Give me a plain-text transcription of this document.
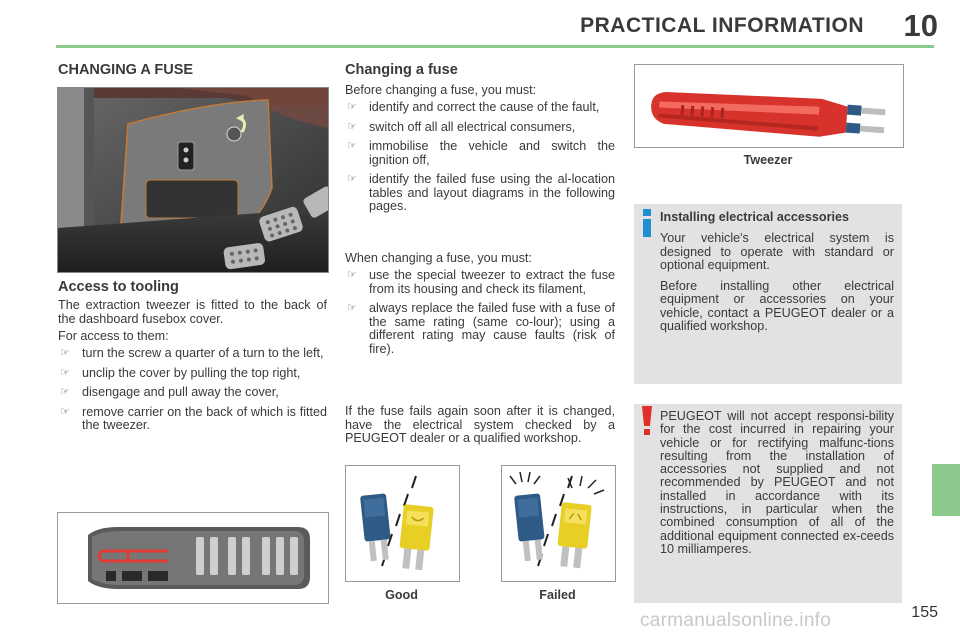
PRACTICAL INFORMATION 10
CHANGING A FUSE
Access to tooling

The extraction tweezer is fitted to the back of the dashboard fusebox cover.

For access to them:

☞ turn the screw a quarter of a turn to the left,
☞ unclip the cover by pulling the top right,
☞ disengage and pull away the cover,
☞ remove carrier on the back of which is fitted the tweezer.
Changing a fuse

Before changing a fuse, you must:

☞ identify and correct the cause of the fault,
☞ switch off all all electrical consumers,
☞ immobilise the vehicle and switch the ignition off,
☞ identify the failed fuse using the al-location tables and layout diagrams in the following pages.

When changing a fuse, you must:

☞ use the special tweezer to extract the fuse from its housing and check its filament,
☞ always replace the failed fuse with a fuse of the same rating (same co-lour); using a different rating may cause faults (risk of fire).

If the fuse fails again soon after it is changed, have the electrical system checked by a PEUGEOT dealer or a qualified workshop.

Good	Failed
Tweezer
Installing electrical accessories

Your vehicle's electrical system is designed to operate with standard or optional equipment.

Before installing other electrical equipment or accessories on your vehicle, contact a PEUGEOT dealer or a qualified workshop.

PEUGEOT will not accept responsi-bility for the cost incurred in repairing your vehicle or for rectifying malfunc-tions resulting from the installation of accessories not supplied and not recommended by PEUGEOT and not installed in accordance with its instructions, in particular when the combined consumption of all of the additional equipment connected ex-ceeds 10 milliamperes.

155
carmanualsonline.info
